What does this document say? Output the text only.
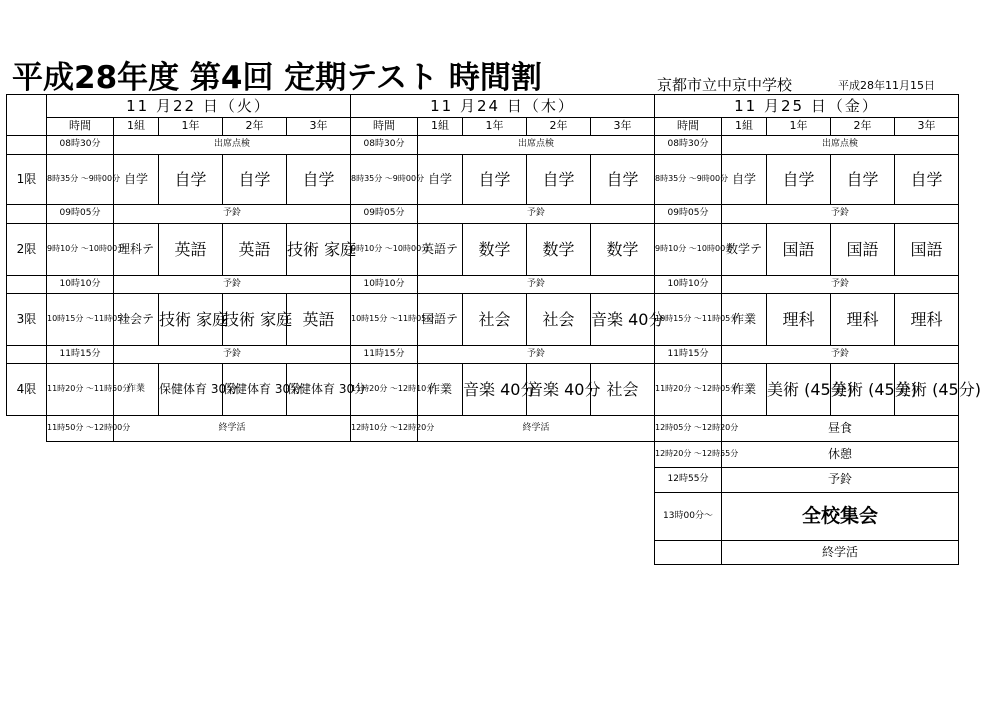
平成28年度 第4回 定期テスト 時間割	京都市立中京中学校	平成28年11月15日
	11 月22 日（火）				
	時間	1組	1年	2年	3年
	08時30分	出席点検			
1限	8時35分 ～9時00分	自学	自学	自学	自学
	09時05分	予鈴			
2限	9時10分 ～10時00分	理科テ	英語	英語	技術 家庭
	10時10分	予鈴			
3限	10時15分 ～11時05分	社会テ	技術 家庭	技術 家庭	英語
	11時15分	予鈴			
4限	11時20分 ～11時50分	作業	保健体育 30分	保健体育 30分	保健体育 30分
	11時50分 ～12時00分	終学活			
11 月24 日（木）				
時間	1組	1年	2年	3年
08時30分	出席点検			
8時35分 ～9時00分	自学	自学	自学	自学
09時05分	予鈴			
9時10分 ～10時00分	英語テ	数学	数学	数学
10時10分	予鈴			
10時15分 ～11時05分	国語テ	社会	社会	音楽 40分
11時15分	予鈴			
11時20分 ～12時10分	作業	音楽 40分	音楽 40分	社会
12時10分 ～12時20分	終学活			
11 月25 日（金）				
時間	1組	1年	2年	3年
08時30分	出席点検			
8時35分 ～9時00分	自学	自学	自学	自学
09時05分	予鈴			
9時10分 ～10時00分	数学テ	国語	国語	国語
10時10分	予鈴			
10時15分 ～11時05分	作業	理科	理科	理科
11時15分	予鈴			
11時20分 ～12時05分	作業	美術 (45分)	美術 (45分)	美術 (45分)
12時05分 ～12時20分	昼食			
12時20分 ～12時55分	休憩			
12時55分	予鈴			
13時00分～	全校集会			
	終学活			
